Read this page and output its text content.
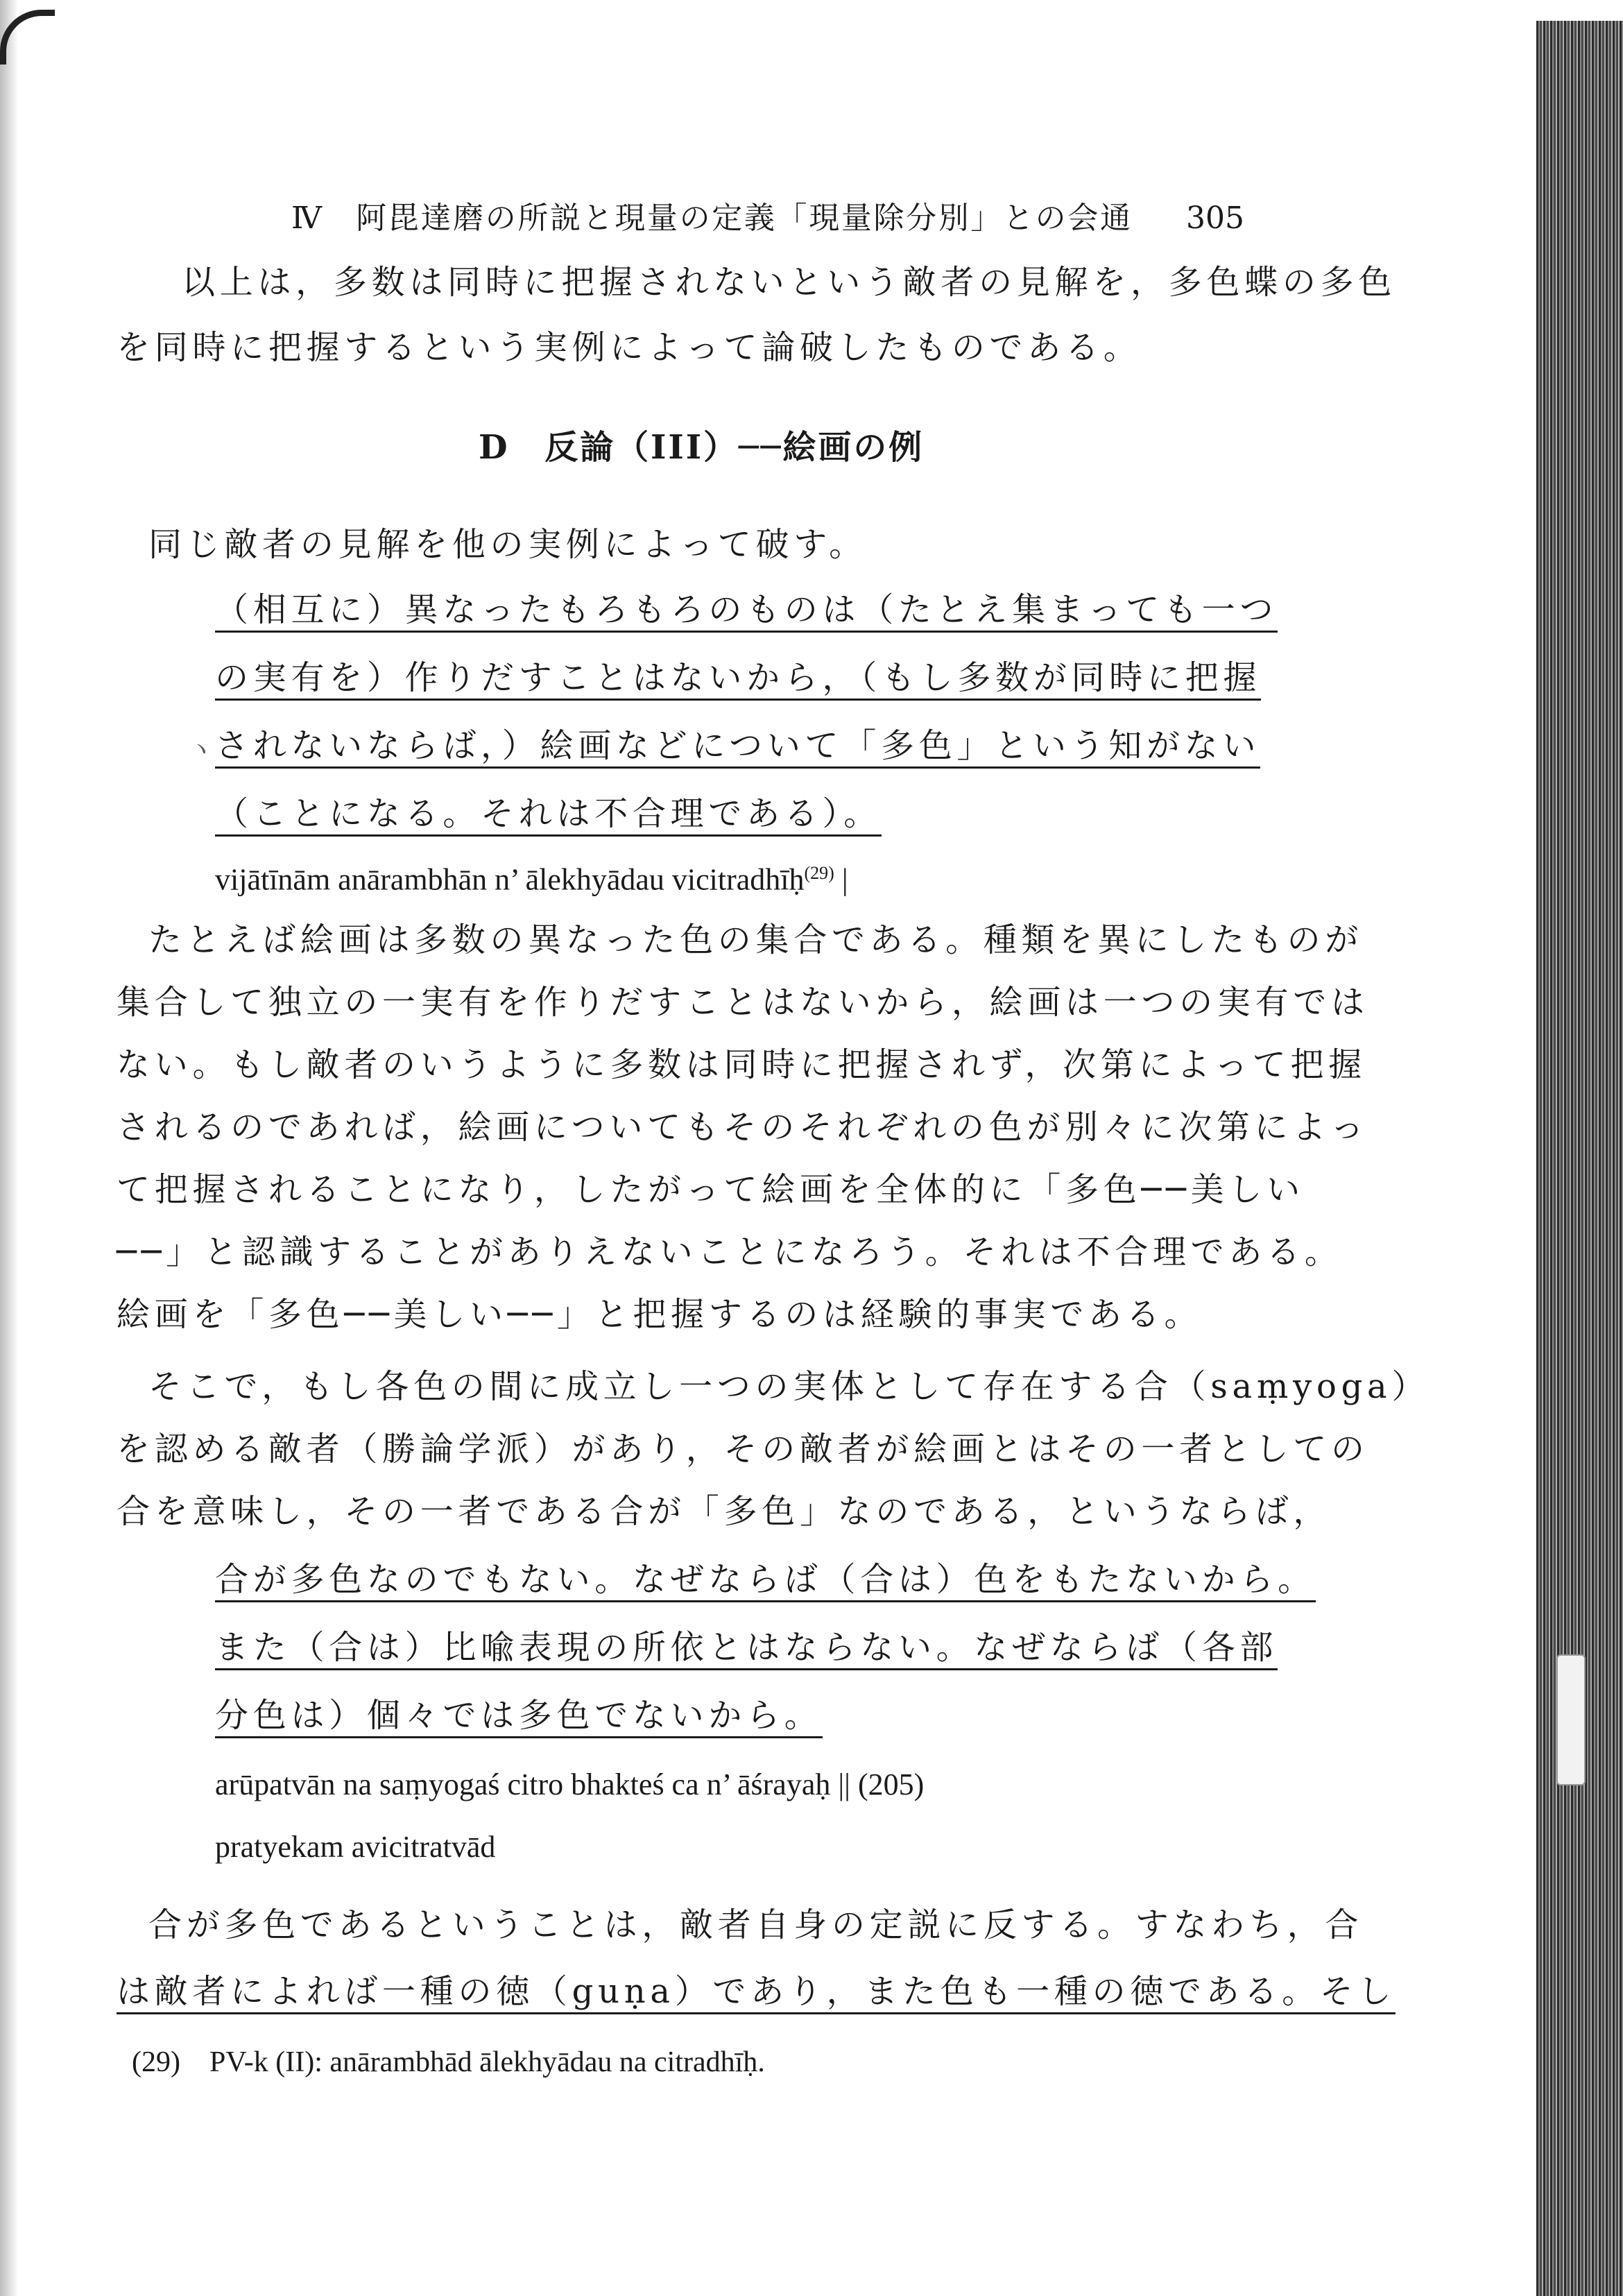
Ⅳ　阿毘達磨の所説と現量の定義「現量除分別」との会通 305
以上は，多数は同時に把握されないという敵者の見解を，多色蝶の多色
を同時に把握するという実例によって論破したものである。
D　反論（III）──絵画の例
同じ敵者の見解を他の実例によって破す。
（相互に）異なったもろもろのものは（たとえ集まっても一つ
の実有を）作りだすことはないから，（もし多数が同時に把握
ヽ されないならば，）絵画などについて「多色」という知がない
（ことになる。それは不合理である）。
vijātīnām anārambhān n’ ālekhyādau vicitradhīḥ$^{(29)}$ |
たとえば絵画は多数の異なった色の集合である。種類を異にしたものが
集合して独立の一実有を作りだすことはないから，絵画は一つの実有では
ない。もし敵者のいうように多数は同時に把握されず，次第によって把握
されるのであれば，絵画についてもそのそれぞれの色が別々に次第によっ
て把握されることになり，したがって絵画を全体的に「多色──美しい
──」と認識することがありえないことになろう。それは不合理である。
絵画を「多色──美しい──」と把握するのは経験的事実である。
そこで，もし各色の間に成立し一つの実体として存在する合（saṃyoga）
を認める敵者（勝論学派）があり，その敵者が絵画とはその一者としての
合を意味し，その一者である合が「多色」なのである，というならば，
合が多色なのでもない。なぜならば（合は）色をもたないから。
また（合は）比喩表現の所依とはならない。なぜならば（各部
分色は）個々では多色でないから。
arūpatvān na saṃyogaś citro bhakteś ca n’ āśrayaḥ || (205)
pratyekam avicitratvād
合が多色であるということは，敵者自身の定説に反する。すなわち，合
は敵者によれば一種の徳（guṇa）であり，また色も一種の徳である。そし
(29)　PV-k (II): anārambhād ālekhyādau na citradhīḥ.
